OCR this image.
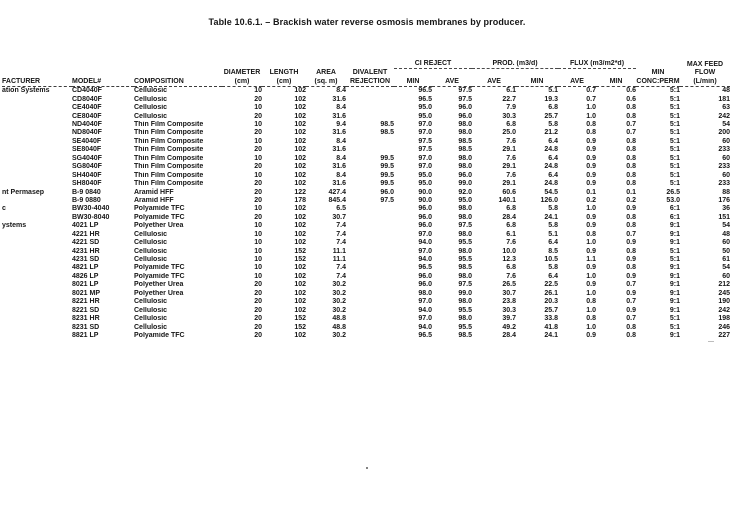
Table 10.6.1. – Brackish water reverse osmosis membranes by producer.
							CI REJECT		PROD. (m3/d)		FLUX (m3/m2*d)			MAX FEED
			DIAMETER	LENGTH	AREA	DIVALENT							MIN	FLOW
FACTURER	MODEL#	COMPOSITION	(cm)	(cm)	(sq. m)	REJECTION	MIN	AVE	AVE	MIN	AVE	MIN	CONC:PERM	(L/min)
ation Systems	CD4040F	Cellulosic	10	102	8.4		96.5	97.5	6.1	5.1	0.7	0.6	5:1	48
	CD8040F	Cellulosic	20	102	31.6		96.5	97.5	22.7	19.3	0.7	0.6	5:1	181
	CE4040F	Cellulosic	10	102	8.4		95.0	96.0	7.9	6.8	1.0	0.8	5:1	63
	CE8040F	Cellulosic	20	102	31.6		95.0	96.0	30.3	25.7	1.0	0.8	5:1	242
	ND4040F	Thin Film Composite	10	102	9.4	98.5	97.0	98.0	6.8	5.8	0.8	0.7	5:1	54
	ND8040F	Thin Film Composite	20	102	31.6	98.5	97.0	98.0	25.0	21.2	0.8	0.7	5:1	200
	SE4040F	Thin Film Composite	10	102	8.4		97.5	98.5	7.6	6.4	0.9	0.8	5:1	60
	SE8040F	Thin Film Composite	20	102	31.6		97.5	98.5	29.1	24.8	0.9	0.8	5:1	233
	SG4040F	Thin Film Composite	10	102	8.4	99.5	97.0	98.0	7.6	6.4	0.9	0.8	5:1	60
	SG8040F	Thin Film Composite	20	102	31.6	99.5	97.0	98.0	29.1	24.8	0.9	0.8	5:1	233
	SH4040F	Thin Film Composite	10	102	8.4	99.5	95.0	96.0	7.6	6.4	0.9	0.8	5:1	60
	SH8040F	Thin Film Composite	20	102	31.6	99.5	95.0	99.0	29.1	24.8	0.9	0.8	5:1	233
nt Permasep	B-9 0840	Aramid HFF	20	122	427.4	96.0	90.0	92.0	60.6	54.5	0.1	0.1	26.5	88
	B-9 0880	Aramid HFF	20	178	845.4	97.5	90.0	95.0	140.1	126.0	0.2	0.2	53.0	176
c	BW30-4040	Polyamide TFC	10	102	6.5		96.0	98.0	6.8	5.8	1.0	0.9	6:1	36
	BW30-8040	Polyamide TFC	20	102	30.7		96.0	98.0	28.4	24.1	0.9	0.8	6:1	151
ystems	4021 LP	Polyether Urea	10	102	7.4		96.0	97.5	6.8	5.8	0.9	0.8	9:1	54
	4221 HR	Cellulosic	10	102	7.4		97.0	98.0	6.1	5.1	0.8	0.7	9:1	48
	4221 SD	Cellulosic	10	102	7.4		94.0	95.5	7.6	6.4	1.0	0.9	9:1	60
	4231 HR	Cellulosic	10	152	11.1		97.0	98.0	10.0	8.5	0.9	0.8	5:1	50
	4231 SD	Cellulosic	10	152	11.1		94.0	95.5	12.3	10.5	1.1	0.9	5:1	61
	4821 LP	Polyamide TFC	10	102	7.4		96.5	98.5	6.8	5.8	0.9	0.8	9:1	54
	4826 LP	Polyamide TFC	10	102	7.4		96.0	98.0	7.6	6.4	1.0	0.9	9:1	60
	8021 LP	Polyether Urea	20	102	30.2		96.0	97.5	26.5	22.5	0.9	0.7	9:1	212
	8021 MP	Polyether Urea	20	102	30.2		98.0	99.0	30.7	26.1	1.0	0.9	9:1	245
	8221 HR	Cellulosic	20	102	30.2		97.0	98.0	23.8	20.3	0.8	0.7	9:1	190
	8221 SD	Cellulosic	20	102	30.2		94.0	95.5	30.3	25.7	1.0	0.9	9:1	242
	8231 HR	Cellulosic	20	152	48.8		97.0	98.0	39.7	33.8	0.8	0.7	5:1	198
	8231 SD	Cellulosic	20	152	48.8		94.0	95.5	49.2	41.8	1.0	0.8	5:1	246
	8821 LP	Polyamide TFC	20	102	30.2		96.5	98.5	28.4	24.1	0.9	0.8	9:1	227
